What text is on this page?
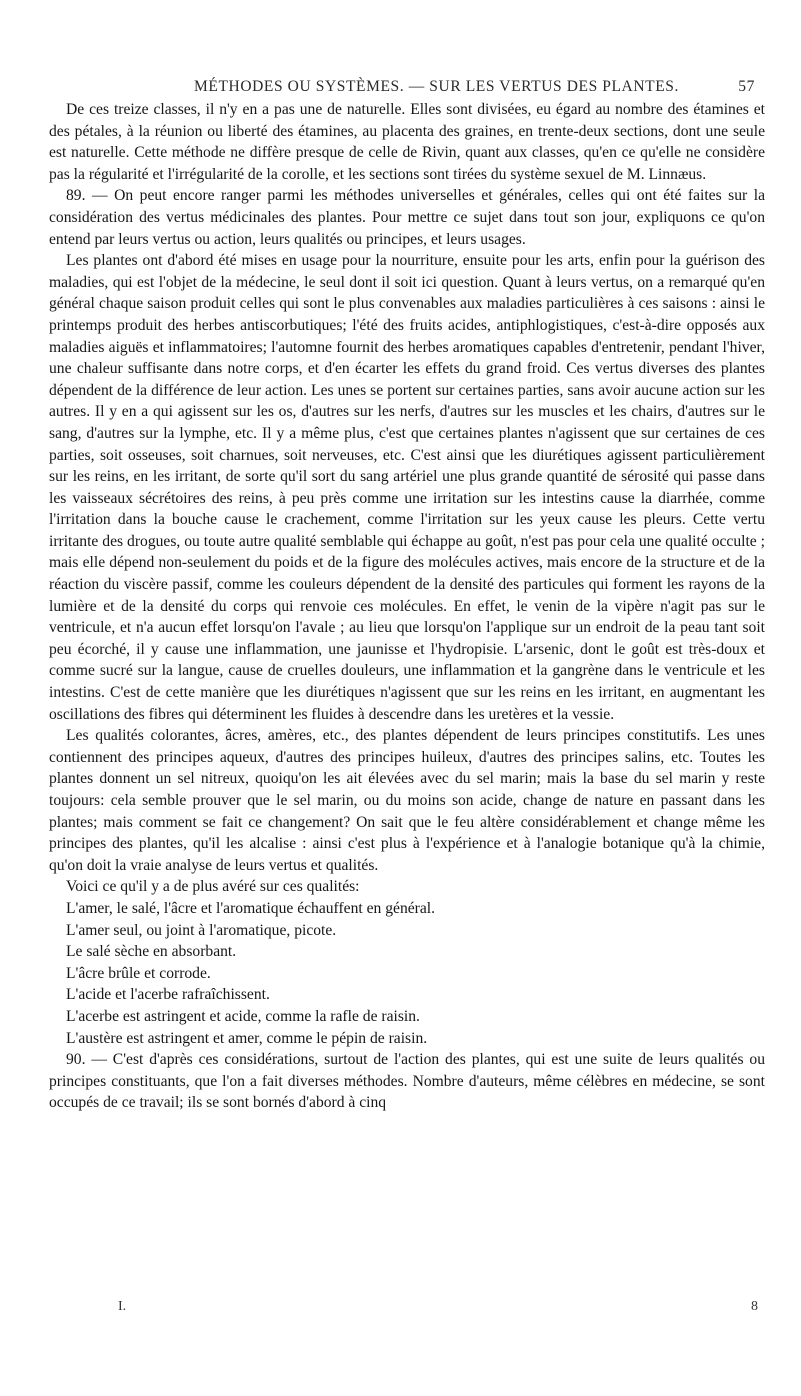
MÉTHODES OU SYSTÈMES. — SUR LES VERTUS DES PLANTES.	57

De ces treize classes, il n'y en a pas une de naturelle. Elles sont divisées, eu égard au nombre des étamines et des pétales, à la réunion ou liberté des étamines, au placenta des graines, en trente-deux sections, dont une seule est naturelle. Cette méthode ne diffère presque de celle de Rivin, quant aux classes, qu'en ce qu'elle ne considère pas la régularité et l'irrégularité de la corolle, et les sections sont tirées du système sexuel de M. Linnæus.

89. — On peut encore ranger parmi les méthodes universelles et générales, celles qui ont été faites sur la considération des vertus médicinales des plantes. Pour mettre ce sujet dans tout son jour, expliquons ce qu'on entend par leurs vertus ou action, leurs qualités ou principes, et leurs usages.

Les plantes ont d'abord été mises en usage pour la nourriture, ensuite pour les arts, enfin pour la guérison des maladies, qui est l'objet de la médecine, le seul dont il soit ici question. Quant à leurs vertus, on a remarqué qu'en général chaque saison produit celles qui sont le plus convenables aux maladies particulières à ces saisons : ainsi le printemps produit des herbes antiscorbutiques; l'été des fruits acides, antiphlogistiques, c'est-à-dire opposés aux maladies aiguës et inflammatoires; l'automne fournit des herbes aromatiques capables d'entretenir, pendant l'hiver, une chaleur suffisante dans notre corps, et d'en écarter les effets du grand froid. Ces vertus diverses des plantes dépendent de la différence de leur action. Les unes se portent sur certaines parties, sans avoir aucune action sur les autres. Il y en a qui agissent sur les os, d'autres sur les nerfs, d'autres sur les muscles et les chairs, d'autres sur le sang, d'autres sur la lymphe, etc. Il y a même plus, c'est que certaines plantes n'agissent que sur certaines de ces parties, soit osseuses, soit charnues, soit nerveuses, etc. C'est ainsi que les diurétiques agissent particulièrement sur les reins, en les irritant, de sorte qu'il sort du sang artériel une plus grande quantité de sérosité qui passe dans les vaisseaux sécrétoires des reins, à peu près comme une irritation sur les intestins cause la diarrhée, comme l'irritation dans la bouche cause le crachement, comme l'irritation sur les yeux cause les pleurs. Cette vertu irritante des drogues, ou toute autre qualité semblable qui échappe au goût, n'est pas pour cela une qualité occulte ; mais elle dépend non-seulement du poids et de la figure des molécules actives, mais encore de la structure et de la réaction du viscère passif, comme les couleurs dépendent de la densité des particules qui forment les rayons de la lumière et de la densité du corps qui renvoie ces molécules. En effet, le venin de la vipère n'agit pas sur le ventricule, et n'a aucun effet lorsqu'on l'avale ; au lieu que lorsqu'on l'applique sur un endroit de la peau tant soit peu écorché, il y cause une inflammation, une jaunisse et l'hydropisie. L'arsenic, dont le goût est très-doux et comme sucré sur la langue, cause de cruelles douleurs, une inflammation et la gangrène dans le ventricule et les intestins. C'est de cette manière que les diurétiques n'agissent que sur les reins en les irritant, en augmentant les oscillations des fibres qui déterminent les fluides à descendre dans les uretères et la vessie.

Les qualités colorantes, âcres, amères, etc., des plantes dépendent de leurs principes constitutifs. Les unes contiennent des principes aqueux, d'autres des principes huileux, d'autres des principes salins, etc. Toutes les plantes donnent un sel nitreux, quoiqu'on les ait élevées avec du sel marin; mais la base du sel marin y reste toujours: cela semble prouver que le sel marin, ou du moins son acide, change de nature en passant dans les plantes; mais comment se fait ce changement? On sait que le feu altère considérablement et change même les principes des plantes, qu'il les alcalise : ainsi c'est plus à l'expérience et à l'analogie botanique qu'à la chimie, qu'on doit la vraie analyse de leurs vertus et qualités.

Voici ce qu'il y a de plus avéré sur ces qualités:

L'amer, le salé, l'âcre et l'aromatique échauffent en général.

L'amer seul, ou joint à l'aromatique, picote.

Le salé sèche en absorbant.

L'âcre brûle et corrode.

L'acide et l'acerbe rafraîchissent.

L'acerbe est astringent et acide, comme la rafle de raisin.

L'austère est astringent et amer, comme le pépin de raisin.

90. — C'est d'après ces considérations, surtout de l'action des plantes, qui est une suite de leurs qualités ou principes constituants, que l'on a fait diverses méthodes. Nombre d'auteurs, même célèbres en médecine, se sont occupés de ce travail; ils se sont bornés d'abord à cinq

I.	8
